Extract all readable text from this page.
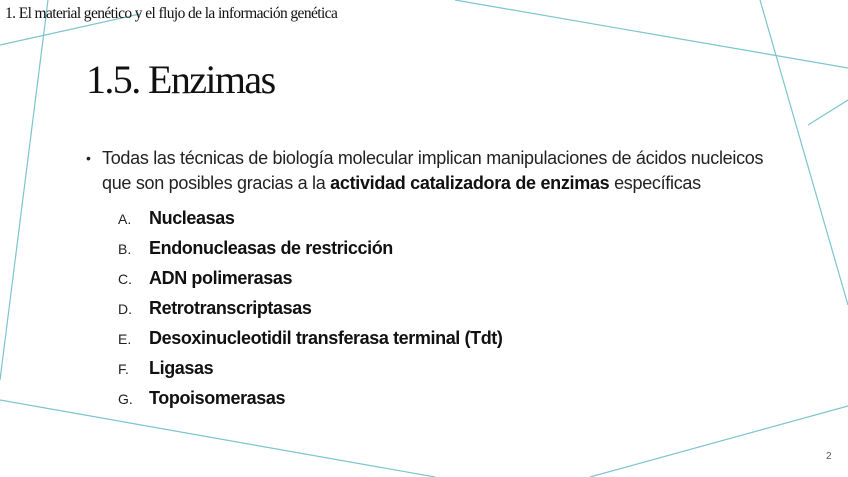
1. El material genético y el flujo de la información genética
1.5. Enzimas
• Todas las técnicas de biología molecular implican manipulaciones de ácidos nucleicos que son posibles gracias a la actividad catalizadora de enzimas específicas
A. Nucleasas
B. Endonucleasas de restricción
C. ADN polimerasas
D. Retrotranscriptasas
E. Desoxinucleotidil transferasa terminal (Tdt)
F.	Ligasas
G. Topoisomerasas
2
